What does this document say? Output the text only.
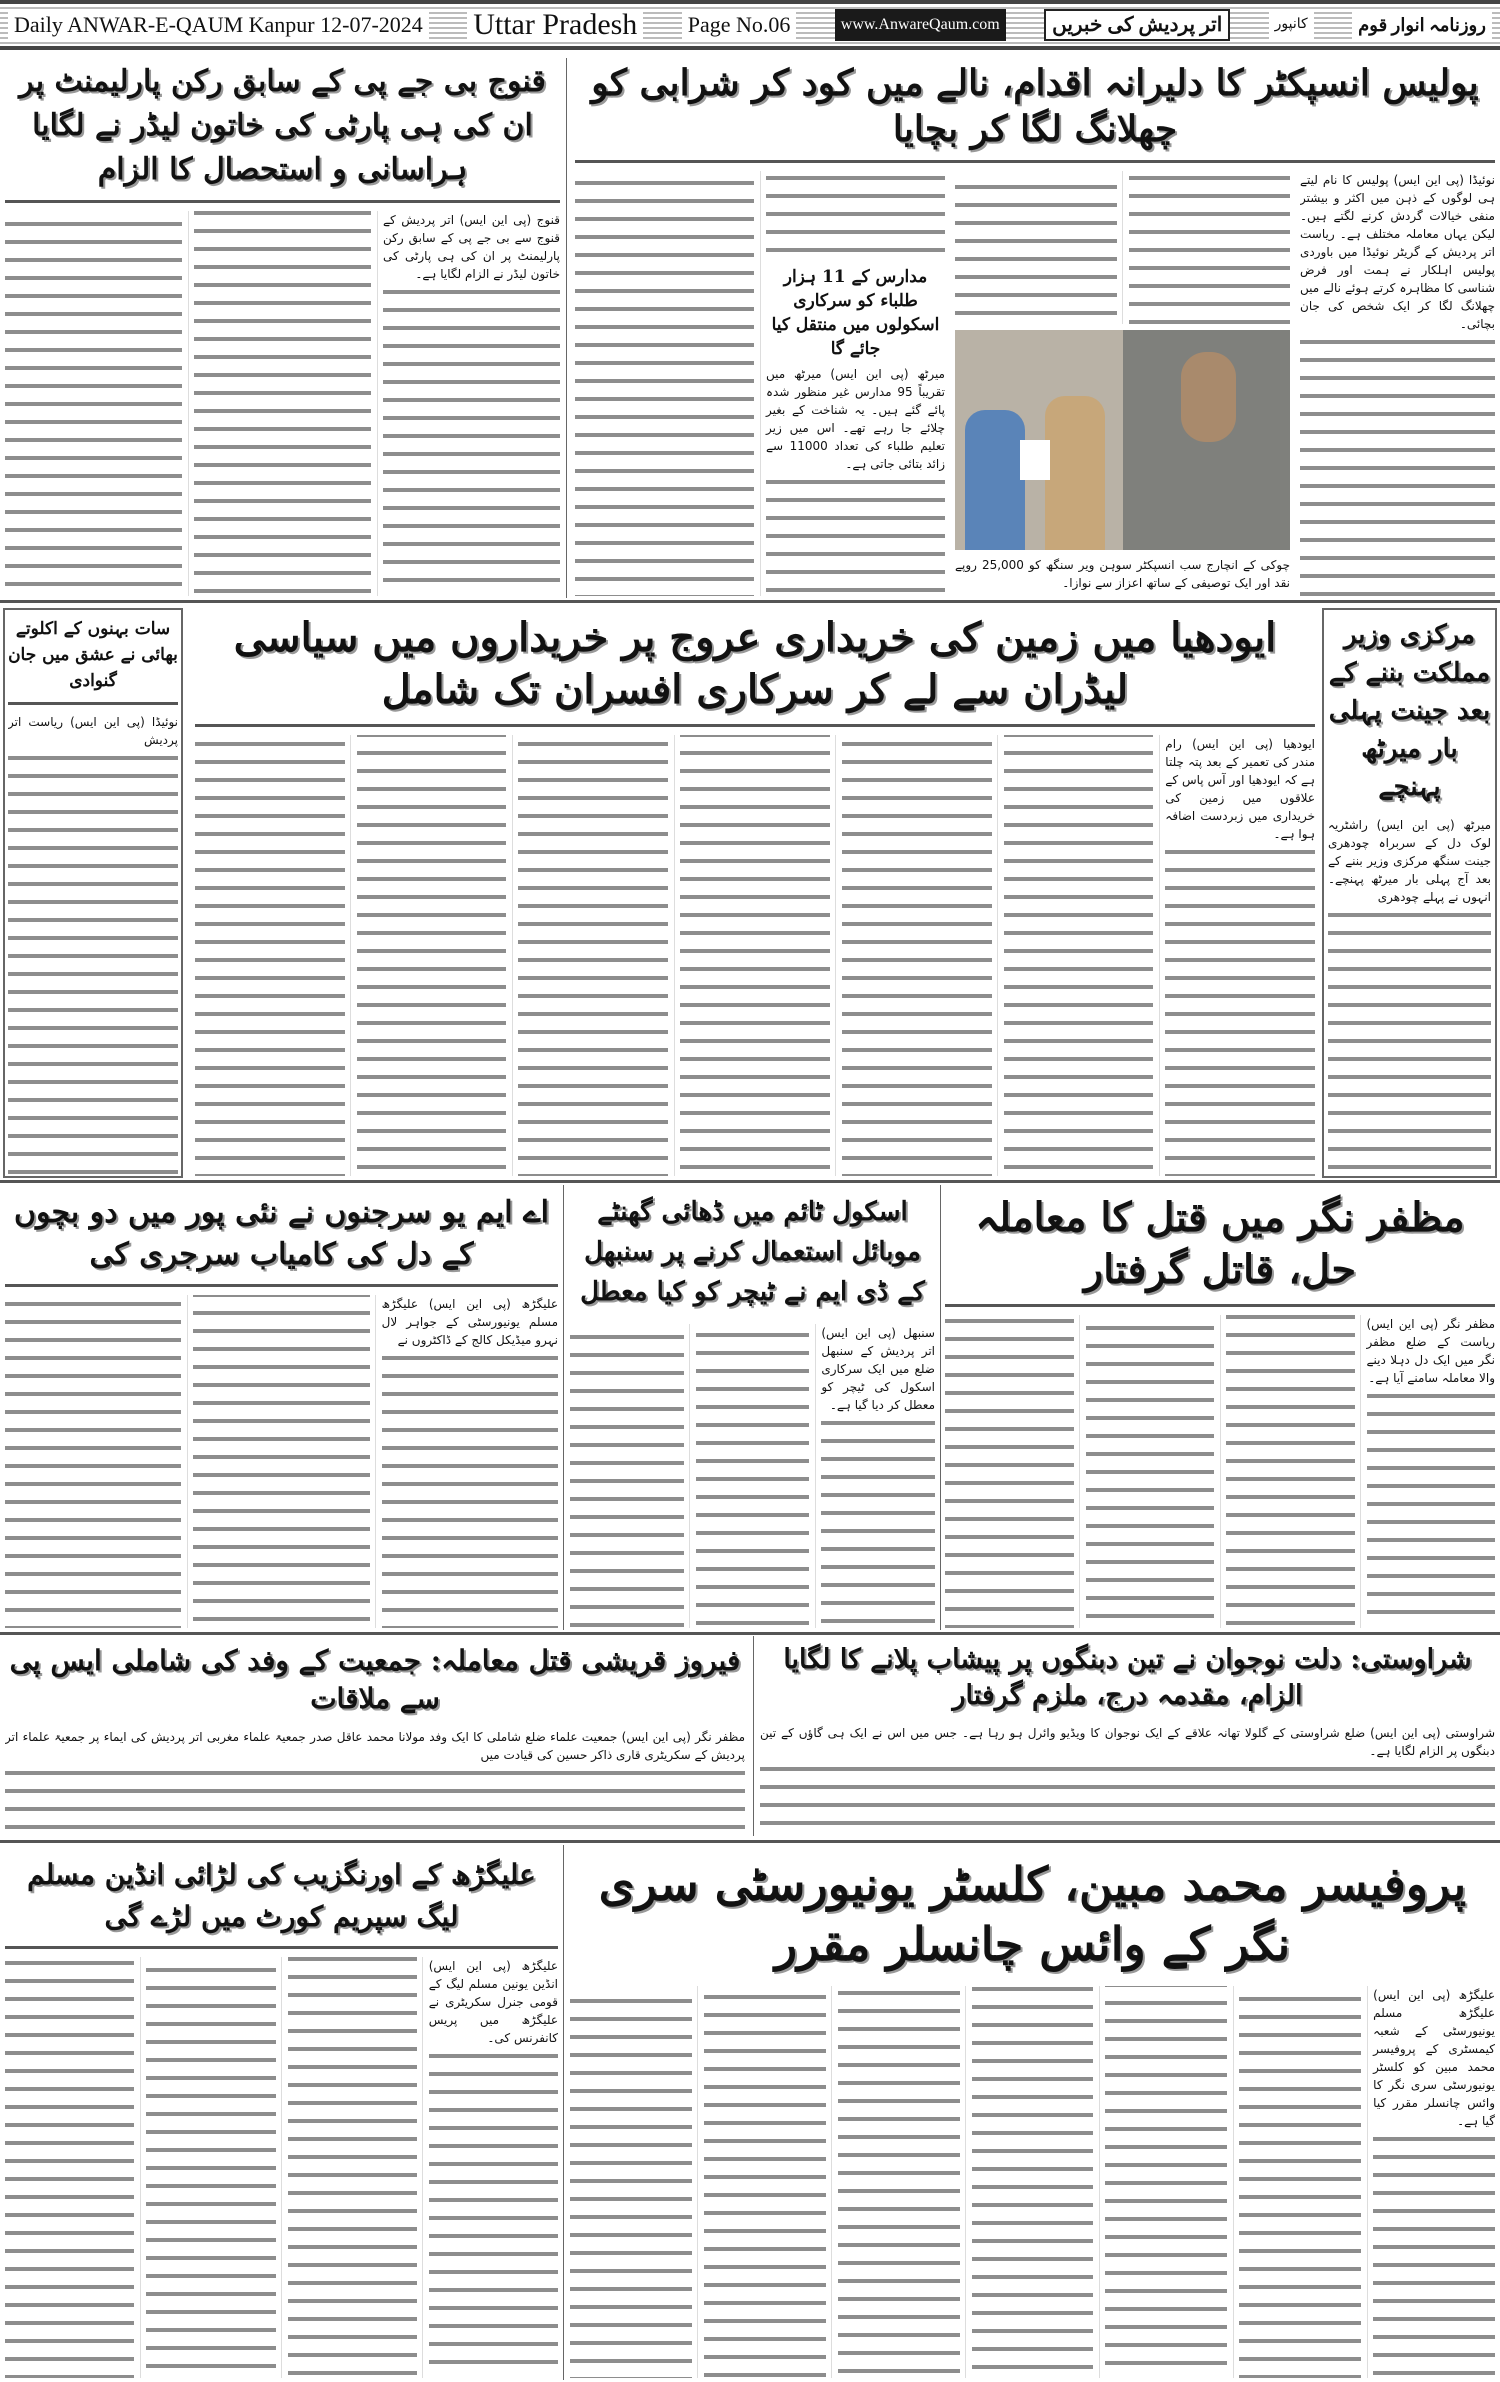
Daily ANWAR-E-QAUM Kanpur 12-07-2024 Uttar Pradesh Page No.06	www.AnwareQaum.com	اتر پردیش کی خبریں	کانپور	روزنامہ انوار قوم
پولیس انسپکٹر کا دلیرانہ اقدام، نالے میں کود کر شرابی کو چھلانگ لگا کر بچایا

نوئیڈا (پی این ایس) پولیس کا نام لیتے ہی لوگوں کے ذہن میں اکثر و بیشتر منفی خیالات گردش کرنے لگتے ہیں۔ لیکن یہاں معاملہ مختلف ہے۔ ریاست اتر پردیش کے گریٹر نوئیڈا میں باوردی پولیس اہلکار نے ہمت اور فرض شناسی کا مظاہرہ کرتے ہوئے نالے میں چھلانگ لگا کر ایک شخص کی جان بچائی۔

چوکی کے انچارج سب انسپکٹر سوہن ویر سنگھ کو 25,000 روپے نقد اور ایک توصیفی کے ساتھ اعزاز سے نوازا۔

مدارس کے 11 ہزار طلباء کو سرکاری اسکولوں میں منتقل کیا جائے گا

میرٹھ (پی این ایس) میرٹھ میں تقریباً 95 مدارس غیر منظور شدہ پائے گئے ہیں۔ یہ شناخت کے بغیر چلائے جا رہے تھے۔ اس میں زیر تعلیم طلباء کی تعداد 11000 سے زائد بتائی جاتی ہے۔

قنوج بی جے پی کے سابق رکن پارلیمنٹ پر ان کی ہی پارٹی کی خاتون لیڈر نے لگایا ہراسانی و استحصال کا الزام

قنوج (پی این ایس) اتر پردیش کے قنوج سے بی جے پی کے سابق رکن پارلیمنٹ پر ان کی ہی پارٹی کی خاتون لیڈر نے الزام لگایا ہے۔

سات بہنوں کے اکلوتے بھائی نے عشق میں جان گنوادی

نوئیڈا (پی این ایس) ریاست اتر پردیش

ایودھیا میں زمین کی خریداری عروج پر خریداروں میں سیاسی لیڈران سے لے کر سرکاری افسران تک شامل

ایودھیا (پی این ایس) رام مندر کی تعمیر کے بعد پتہ چلتا ہے کہ ایودھیا اور آس پاس کے علاقوں میں زمین کی خریداری میں زبردست اضافہ ہوا ہے۔

مرکزی وزیر مملکت بننے کے بعد جینت پہلی بار میرٹھ پہنچے

میرٹھ (پی این ایس) راشٹریہ لوک دل کے سربراہ چودھری جینت سنگھ مرکزی وزیر بننے کے بعد آج پہلی بار میرٹھ پہنچے۔ انہوں نے پہلے چودھری

مظفر نگر میں قتل کا معاملہ حل، قاتل گرفتار

مظفر نگر (پی این ایس) ریاست کے ضلع مظفر نگر میں ایک دل دہلا دینے والا معاملہ سامنے آیا ہے۔

اسکول ٹائم میں ڈھائی گھنٹے موبائل استعمال کرنے پر سنبھل کے ڈی ایم نے ٹیچر کو کیا معطل

سنبھل (پی این ایس) اتر پردیش کے سنبھل ضلع میں ایک سرکاری اسکول کی ٹیچر کو معطل کر دیا گیا ہے۔

اے ایم یو سرجنوں نے نئی پور میں دو بچوں کے دل کی کامیاب سرجری کی

علیگڑھ (پی این ایس) علیگڑھ مسلم یونیورسٹی کے جواہر لال نہرو میڈیکل کالج کے ڈاکٹروں نے

شراوستی: دلت نوجوان نے تین دبنگوں پر پیشاب پلانے کا لگایا الزام، مقدمہ درج، ملزم گرفتار

شراوستی (پی این ایس) ضلع شراوستی کے گلولا تھانہ علاقے کے ایک نوجوان کا ویڈیو وائرل ہو رہا ہے۔ جس میں اس نے ایک ہی گاؤں کے تین دبنگوں پر الزام لگایا ہے۔

فیروز قریشی قتل معاملہ: جمعیت کے وفد کی شاملی ایس پی سے ملاقات

مظفر نگر (پی این ایس) جمعیت علماء ضلع شاملی کا ایک وفد مولانا محمد عاقل صدر جمعیۃ علماء مغربی اتر پردیش کی ایماء پر جمعیۃ علماء اتر پردیش کے سکریٹری قاری ذاکر حسین کی قیادت میں

علیگڑھ کے اورنگزیب کی لڑائی انڈین مسلم لیگ سپریم کورٹ میں لڑے گی

علیگڑھ (پی این ایس) انڈین یونین مسلم لیگ کے قومی جنرل سکریٹری نے علیگڑھ میں پریس کانفرنس کی۔

پروفیسر محمد مبین، کلسٹر یونیورسٹی سری نگر کے وائس چانسلر مقرر

علیگڑھ (پی این ایس) علیگڑھ مسلم یونیورسٹی کے شعبہ کیمسٹری کے پروفیسر محمد مبین کو کلسٹر یونیورسٹی سری نگر کا وائس چانسلر مقرر کیا گیا ہے۔
